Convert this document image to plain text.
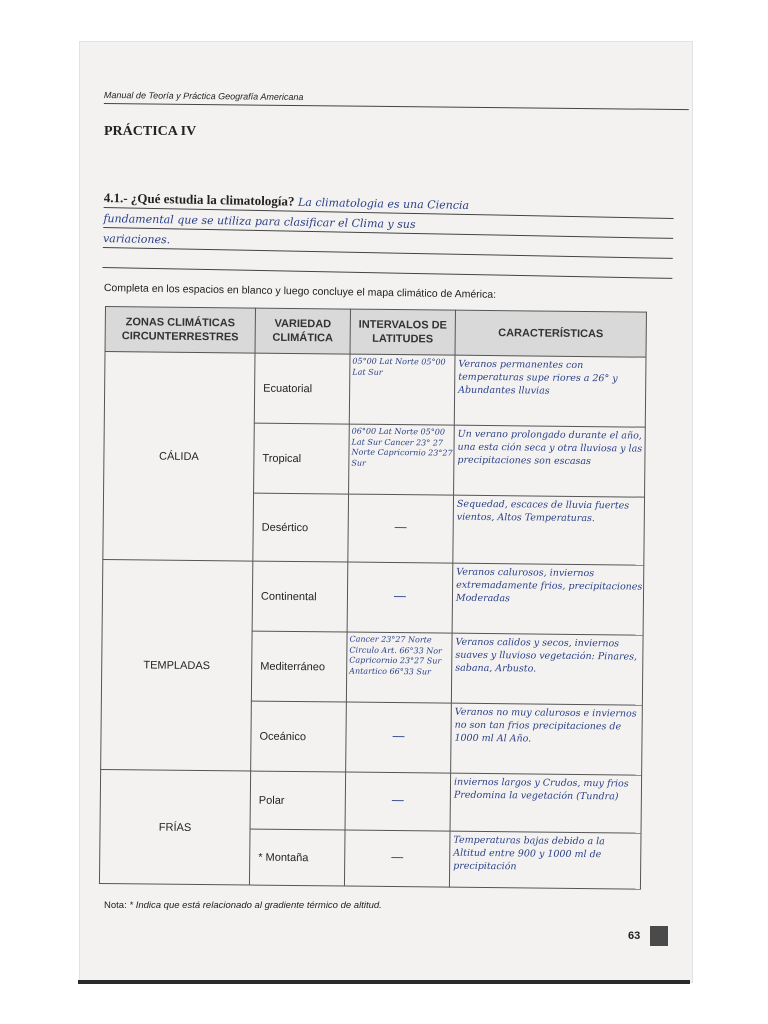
Manual de Teoría y Práctica Geografía Americana
PRÁCTICA IV
4.1.- ¿Qué estudia la climatología? La climatologia es una Ciencia
fundamental que se utiliza para clasificar el Clima y sus
variaciones.
Completa en los espacios en blanco y luego concluye el mapa climático de América:
ZONAS CLIMÁTICAS CIRCUNTERRESTRES	VARIEDAD CLIMÁTICA	INTERVALOS DE LATITUDES	CARACTERÍSTICAS
CÁLIDA	Ecuatorial	05°00 Lat Norte 05°00 Lat Sur	Veranos permanentes con temperaturas supe riores a 26° y Abundantes lluvias
	Tropical	06°00 Lat Norte 05°00 Lat Sur Cancer 23° 27 Norte Capricornio 23°27 Sur	Un verano prolongado durante el año, una esta ción seca y otra lluviosa y las precipitaciones son escasas
	Desértico	—	Sequedad, escaces de lluvia fuertes vientos, Altos Temperaturas.
TEMPLADAS	Continental	—	Veranos calurosos, inviernos extremadamente frios, precipitaciones Moderadas
	Mediterráneo	Cancer 23°27 Norte Circulo Art. 66°33 Nor Capricornio 23°27 Sur Antartico 66°33 Sur	Veranos calidos y secos, inviernos suaves y lluvioso vegetación: Pinares, sabana, Arbusto.
	Oceánico	—	Veranos no muy calurosos e inviernos no son tan frios precipitaciones de 1000 ml Al Año.
FRÍAS	Polar	—	inviernos largos y Crudos, muy frios Predomina la vegetación (Tundra)
	* Montaña	—	Temperaturas bajas debido a la Altitud entre 900 y 1000 ml de precipitación
Nota: * Indica que está relacionado al gradiente térmico de altitud.
63
